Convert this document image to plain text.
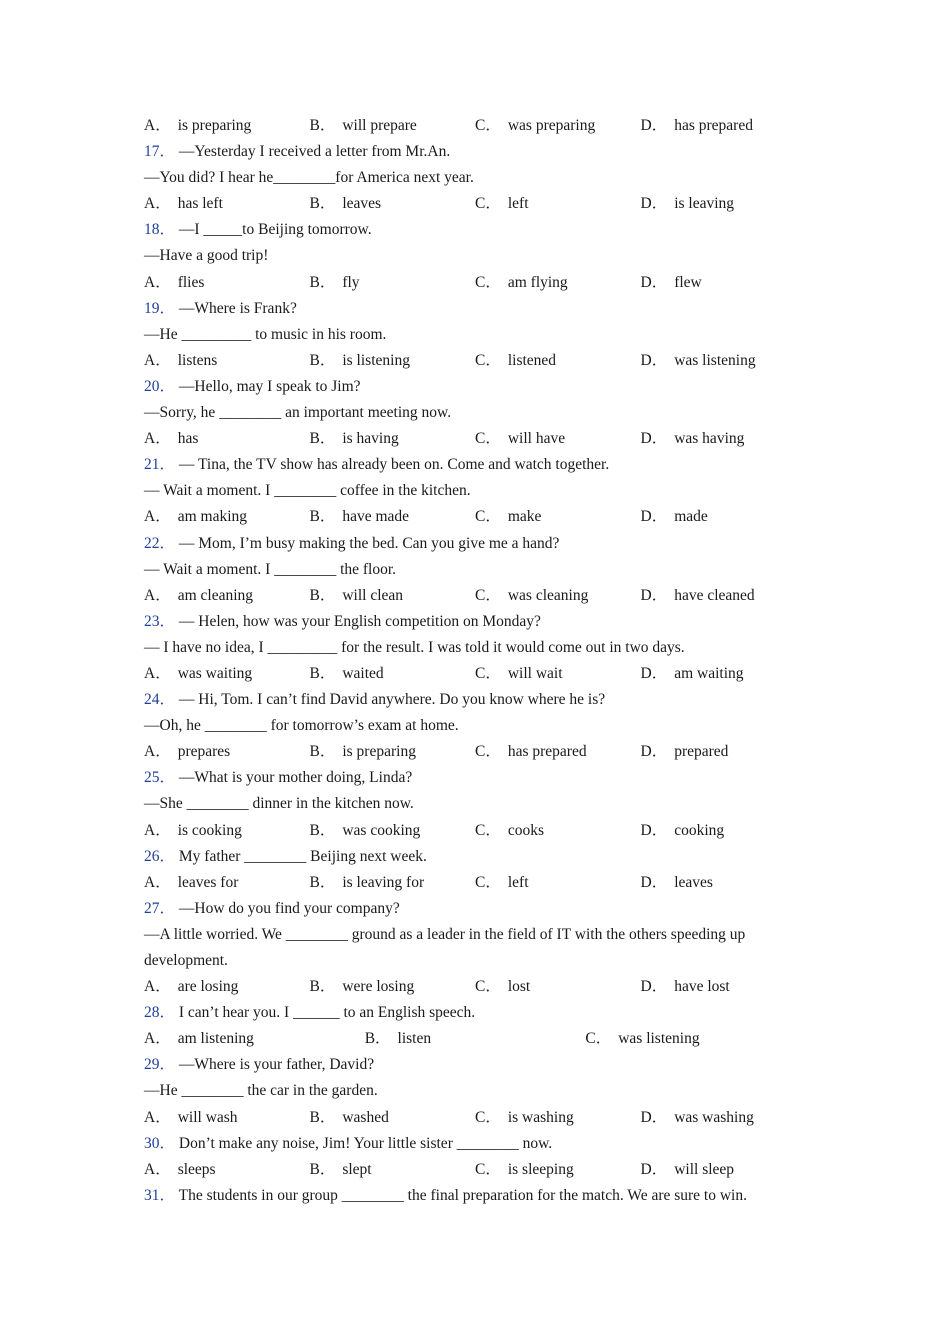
A． is preparing	B． will prepare	C． was preparing	D． has prepared
17． —Yesterday I received a letter from Mr.An.
—You did? I hear he________for America next year.
A． has left	B． leaves	C． left	D． is leaving
18． —I _____to Beijing tomorrow.
—Have a good trip!
A． flies	B． fly	C． am flying	D． flew
19． —Where is Frank?
—He _________ to music in his room.
A． listens	B． is listening	C． listened	D． was listening
20． —Hello, may I speak to Jim?
—Sorry, he ________ an important meeting now.
A． has	B． is having	C． will have	D． was having
21． — Tina, the TV show has already been on. Come and watch together.
— Wait a moment. I ________ coffee in the kitchen.
A． am making	B． have made	C． make	D． made
22． — Mom, I’m busy making the bed. Can you give me a hand?
— Wait a moment. I ________ the floor.
A． am cleaning	B． will clean	C． was cleaning	D． have cleaned
23． — Helen, how was your English competition on Monday?
— I have no idea, I _________ for the result. I was told it would come out in two days.
A． was waiting	B． waited	C． will wait	D． am waiting
24． — Hi, Tom. I can’t find David anywhere. Do you know where he is?
—Oh, he ________ for tomorrow’s exam at home.
A． prepares	B． is preparing	C． has prepared	D． prepared
25． —What is your mother doing, Linda?
—She ________ dinner in the kitchen now.
A． is cooking	B． was cooking	C． cooks	D． cooking
26． My father ________ Beijing next week.
A． leaves for	B． is leaving for	C． left	D． leaves
27． —How do you find your company?
—A little worried. We ________ ground as a leader in the field of IT with the others speeding up development.
A． are losing	B． were losing	C． lost	D． have lost
28． I can’t hear you. I ______ to an English speech.
A． am listening	B． listen	C． was listening
29． —Where is your father, David?
—He ________ the car in the garden.
A． will wash	B． washed	C． is washing	D． was washing
30． Don’t make any noise, Jim! Your little sister ________ now.
A． sleeps	B． slept	C． is sleeping	D． will sleep
31． The students in our group ________ the final preparation for the match. We are sure to win.
